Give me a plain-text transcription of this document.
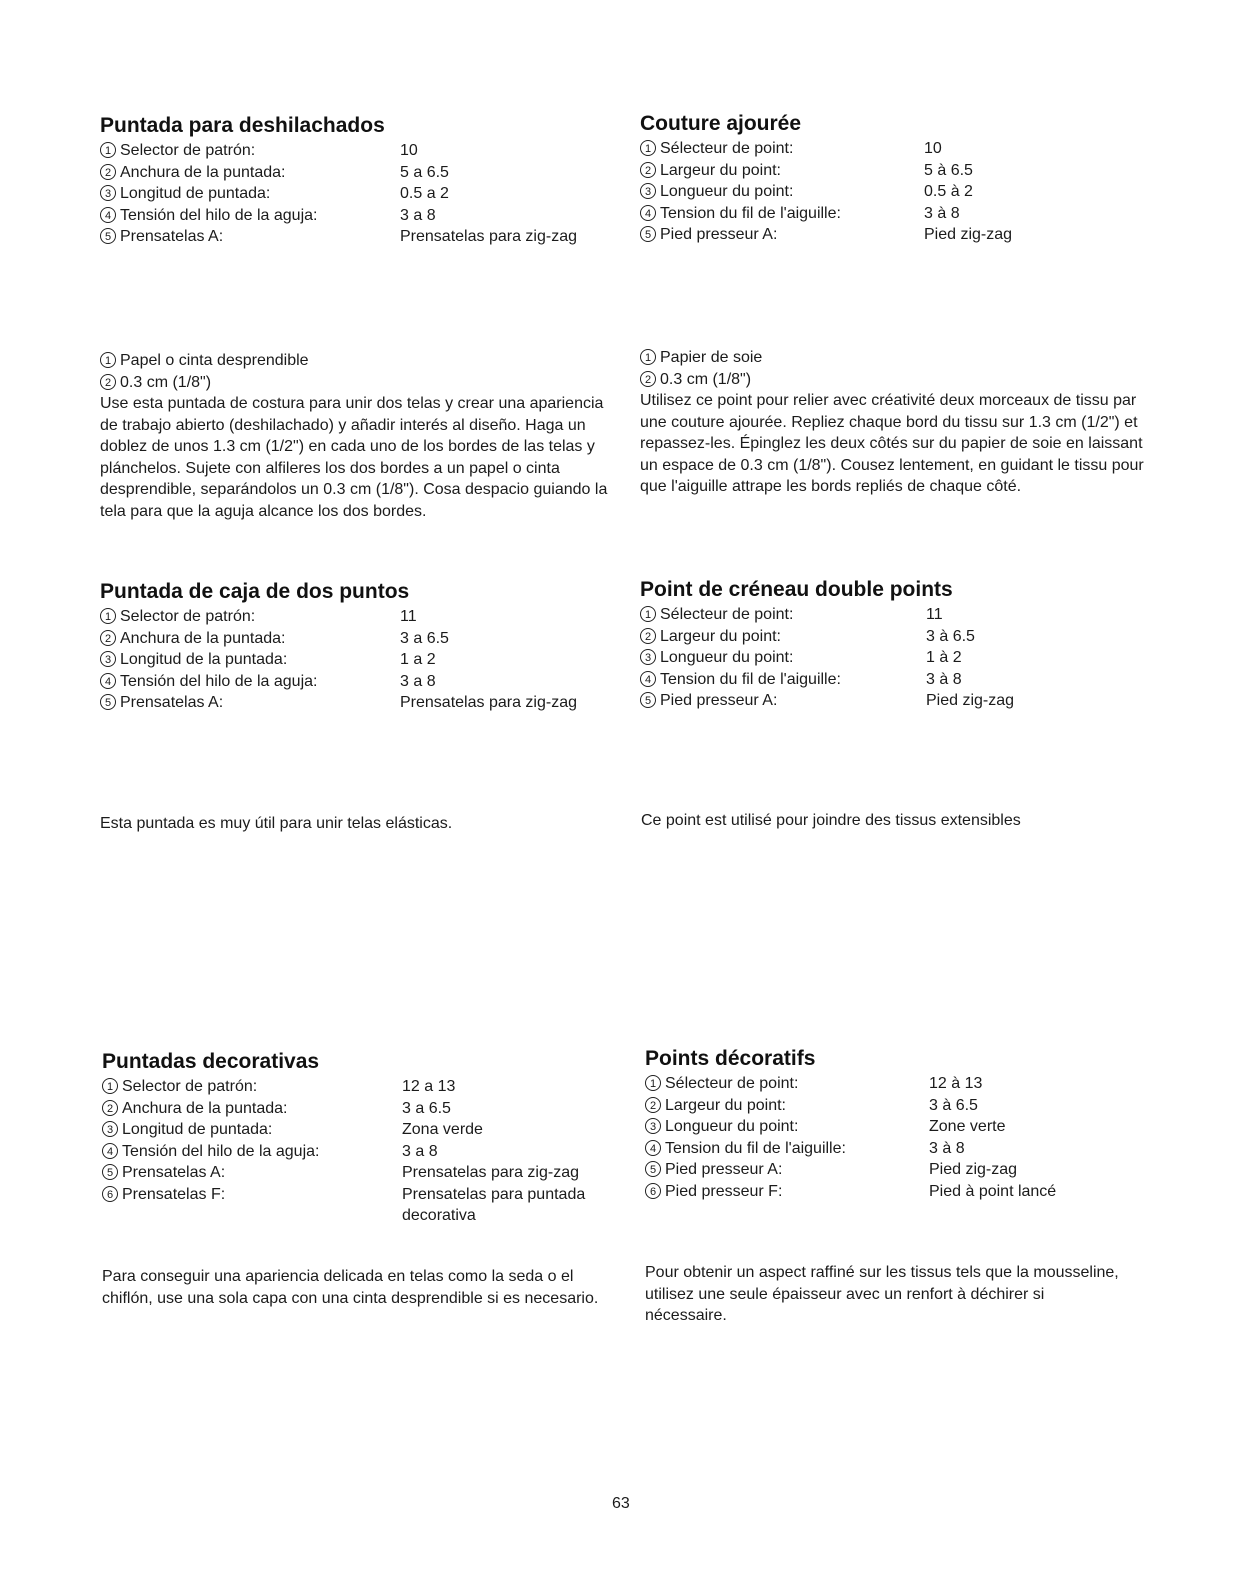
Puntada para deshilachados
1 Selector de patrón:	10
2 Anchura de la puntada:	5 a 6.5
3 Longitud de puntada:	0.5 a 2
4 Tensión del hilo de la aguja:	3 a 8
5 Prensatelas A:	Prensatelas para zig-zag
1 Papel o cinta desprendible
2 0.3 cm (1/8")

Use esta puntada de costura para unir dos telas y crear una apariencia de trabajo abierto (deshilachado) y añadir interés al diseño. Haga un doblez de unos 1.3 cm (1/2") en cada uno de los bordes de las telas y plánchelos. Sujete con alfileres los dos bordes a un papel o cinta desprendible, separándolos un 0.3 cm (1/8"). Cosa despacio guiando la tela para que la aguja alcance los dos bordes.

Couture ajourée
1 Sélecteur de point:	10
2 Largeur du point:	5 à 6.5
3 Longueur du point:	0.5 à 2
4 Tension du fil de l'aiguille:	3 à 8
5 Pied presseur A:	Pied zig-zag
1 Papier de soie
2 0.3 cm (1/8")

Utilisez ce point pour relier avec créativité deux morceaux de tissu par une couture ajourée. Repliez chaque bord du tissu sur 1.3 cm (1/2") et repassez-les. Épinglez les deux côtés sur du papier de soie en laissant un espace de 0.3 cm (1/8"). Cousez lentement, en guidant le tissu pour que l'aiguille attrape les bords repliés de chaque côté.

Puntada de caja de dos puntos
1 Selector de patrón:	11
2 Anchura de la puntada:	3 a 6.5
3 Longitud de la puntada:	1 a 2
4 Tensión del hilo de la aguja:	3 a 8
5 Prensatelas A:	Prensatelas para zig-zag

Esta puntada es muy útil para unir telas elásticas.

Point de créneau double points
1 Sélecteur de point:	11
2 Largeur du point:	3 à 6.5
3 Longueur du point:	1 à 2
4 Tension du fil de l'aiguille:	3 à 8
5 Pied presseur A:	Pied zig-zag

Ce point est utilisé pour joindre des tissus extensibles

Puntadas decorativas
1 Selector de patrón:	12 a 13
2 Anchura de la puntada:	3 a 6.5
3 Longitud de puntada:	Zona verde
4 Tensión del hilo de la aguja:	3 a 8
5 Prensatelas A:	Prensatelas para zig-zag
6 Prensatelas F:	Prensatelas para puntada decorativa

Para conseguir una apariencia delicada en telas como la seda o el chiflón, use una sola capa con una cinta desprendible si es necesario.

Points décoratifs
1 Sélecteur de point:	12 à 13
2 Largeur du point:	3 à 6.5
3 Longueur du point:	Zone verte
4 Tension du fil de l'aiguille:	3 à 8
5 Pied presseur A:	Pied zig-zag
6 Pied presseur F:	Pied à point lancé

Pour obtenir un aspect raffiné sur les tissus tels que la mousseline, utilisez une seule épaisseur avec un renfort à déchirer si nécessaire.

63
